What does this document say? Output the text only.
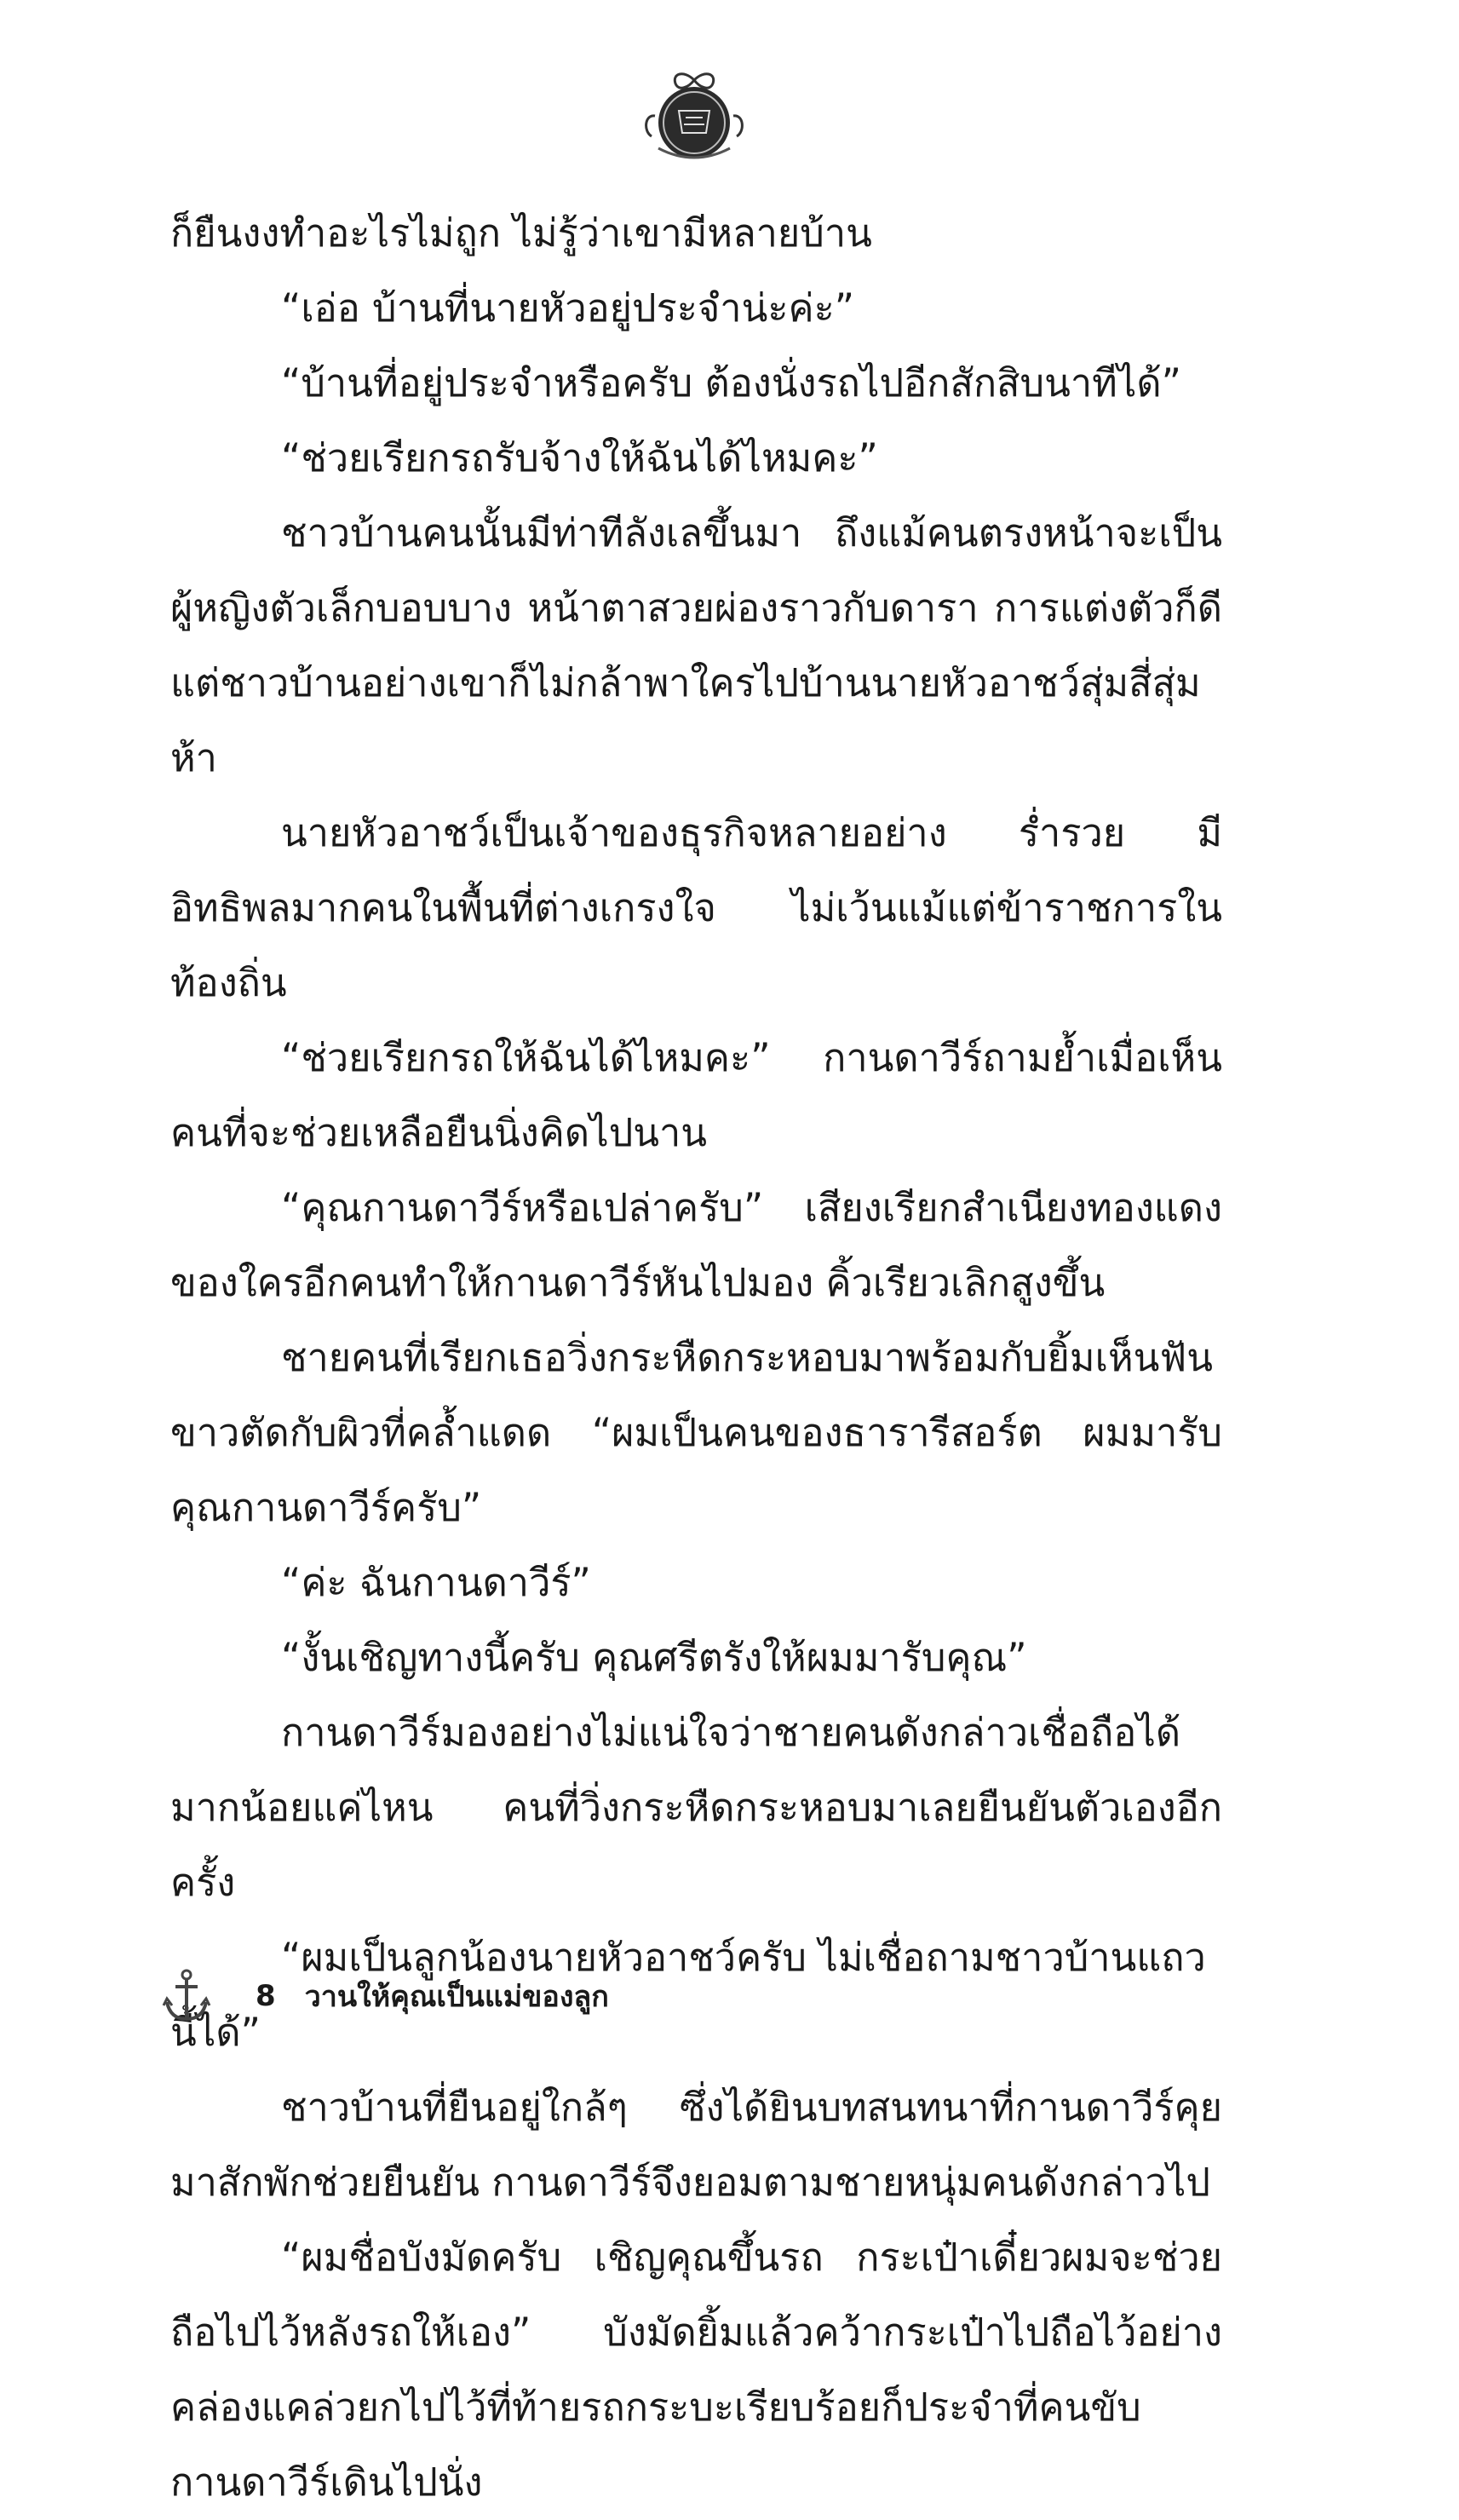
ก็ยืนงงทำอะไรไม่ถูก ไม่รู้ว่าเขามีหลายบ้าน

“เอ่อ บ้านที่นายหัวอยู่ประจำน่ะค่ะ”

“บ้านที่อยู่ประจำหรือครับ ต้องนั่งรถไปอีกสักสิบนาทีได้”

“ช่วยเรียกรถรับจ้างให้ฉันได้ไหมคะ”

ชาวบ้านคนนั้นมีท่าทีลังเลขึ้นมา ถึงแม้คนตรงหน้าจะเป็นผู้หญิงตัวเล็กบอบบาง หน้าตาสวยผ่องราวกับดารา การแต่งตัวก็ดี แต่ชาวบ้านอย่างเขาก็ไม่กล้าพาใครไปบ้านนายหัวอาชว์สุ่มสี่สุ่มห้า

นายหัวอาชว์เป็นเจ้าของธุรกิจหลายอย่าง ร่ำรวย มีอิทธิพลมากคนในพื้นที่ต่างเกรงใจ ไม่เว้นแม้แต่ข้าราชการในท้องถิ่น

“ช่วยเรียกรถให้ฉันได้ไหมคะ” กานดาวีร์ถามย้ำเมื่อเห็นคนที่จะช่วยเหลือยืนนิ่งคิดไปนาน

“คุณกานดาวีร์หรือเปล่าครับ” เสียงเรียกสำเนียงทองแดงของใครอีกคนทำให้กานดาวีร์หันไปมอง คิ้วเรียวเลิกสูงขึ้น

ชายคนที่เรียกเธอวิ่งกระหืดกระหอบมาพร้อมกับยิ้มเห็นฟันขาวตัดกับผิวที่คล้ำแดด “ผมเป็นคนของธารารีสอร์ต ผมมารับคุณกานดาวีร์ครับ”

“ค่ะ ฉันกานดาวีร์”

“งั้นเชิญทางนี้ครับ คุณศรีตรังให้ผมมารับคุณ”

กานดาวีร์มองอย่างไม่แน่ใจว่าชายคนดังกล่าวเชื่อถือได้มากน้อยแค่ไหน คนที่วิ่งกระหืดกระหอบมาเลยยืนยันตัวเองอีกครั้ง

“ผมเป็นลูกน้องนายหัวอาชว์ครับ ไม่เชื่อถามชาวบ้านแถวนี้ได้”

ชาวบ้านที่ยืนอยู่ใกล้ๆ ซึ่งได้ยินบทสนทนาที่กานดาวีร์คุยมาสักพักช่วยยืนยัน กานดาวีร์จึงยอมตามชายหนุ่มคนดังกล่าวไป

“ผมชื่อบังมัดครับ เชิญคุณขึ้นรถ กระเป๋าเดี๋ยวผมจะช่วยถือไปไว้หลังรถให้เอง” บังมัดยิ้มแล้วคว้ากระเป๋าไปถือไว้อย่างคล่องแคล่วยกไปไว้ที่ท้ายรถกระบะเรียบร้อยก็ประจำที่คนขับ กานดาวีร์เดินไปนั่ง

8 วานให้คุณเป็นแม่ของลูก
